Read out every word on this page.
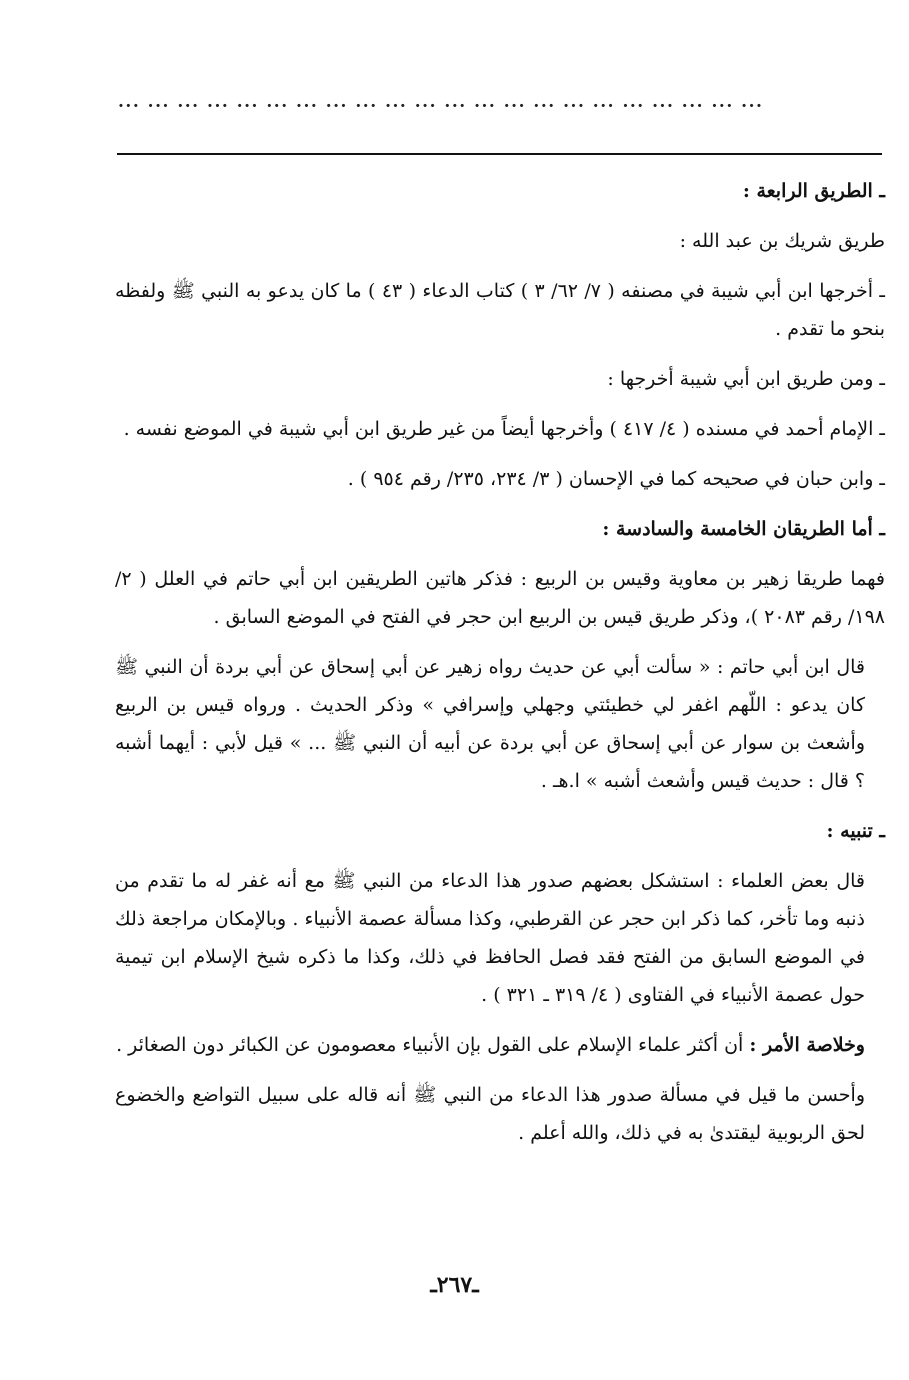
... ... ... ... ... ... ... ... ... ... ... ... ... ... ... ... ... ... ... ... ... ...

ـ الطريق الرابعة :

طريق شريك بن عبد الله :

ـ أخرجها ابن أبي شيبة في مصنفه ( ٧/ ٦٢/ ٣ ) كتاب الدعاء ( ٤٣ ) ما كان يدعو به النبي ﷺ ولفظه بنحو ما تقدم .

ـ ومن طريق ابن أبي شيبة أخرجها :

ـ الإمام أحمد في مسنده ( ٤/ ٤١٧ ) وأخرجها أيضاً من غير طريق ابن أبي شيبة في الموضع نفسه .

ـ وابن حبان في صحيحه كما في الإحسان ( ٣/ ٢٣٤، ٢٣٥/ رقم ٩٥٤ ) .

ـ أما الطريقان الخامسة والسادسة :

فهما طريقا زهير بن معاوية وقيس بن الربيع : فذكر هاتين الطريقين ابن أبي حاتم في العلل ( ٢/ ١٩٨/ رقم ٢٠٨٣ )، وذكر طريق قيس بن الربيع ابن حجر في الفتح في الموضع السابق .

قال ابن أبي حاتم : « سألت أبي عن حديث رواه زهير عن أبي إسحاق عن أبي بردة أن النبي ﷺ كان يدعو : اللّهم اغفر لي خطيئتي وجهلي وإسرافي » وذكر الحديث . ورواه قيس بن الربيع وأشعث بن سوار عن أبي إسحاق عن أبي بردة عن أبيه أن النبي ﷺ ... » قيل لأبي : أيهما أشبه ؟ قال : حديث قيس وأشعث أشبه » ا.هـ .

ـ تنبيه :

قال بعض العلماء : استشكل بعضهم صدور هذا الدعاء من النبي ﷺ مع أنه غفر له ما تقدم من ذنبه وما تأخر، كما ذكر ابن حجر عن القرطبي، وكذا مسألة عصمة الأنبياء . وبالإمكان مراجعة ذلك في الموضع السابق من الفتح فقد فصل الحافظ في ذلك، وكذا ما ذكره شيخ الإسلام ابن تيمية حول عصمة الأنبياء في الفتاوى ( ٤/ ٣١٩ ـ ٣٢١ ) .

وخلاصة الأمر : أن أكثر علماء الإسلام على القول بإن الأنبياء معصومون عن الكبائر دون الصغائر .

وأحسن ما قيل في مسألة صدور هذا الدعاء من النبي ﷺ أنه قاله على سبيل التواضع والخضوع لحق الربوبية ليقتدىٰ به في ذلك، والله أعلم .

ـ٢٦٧ـ
